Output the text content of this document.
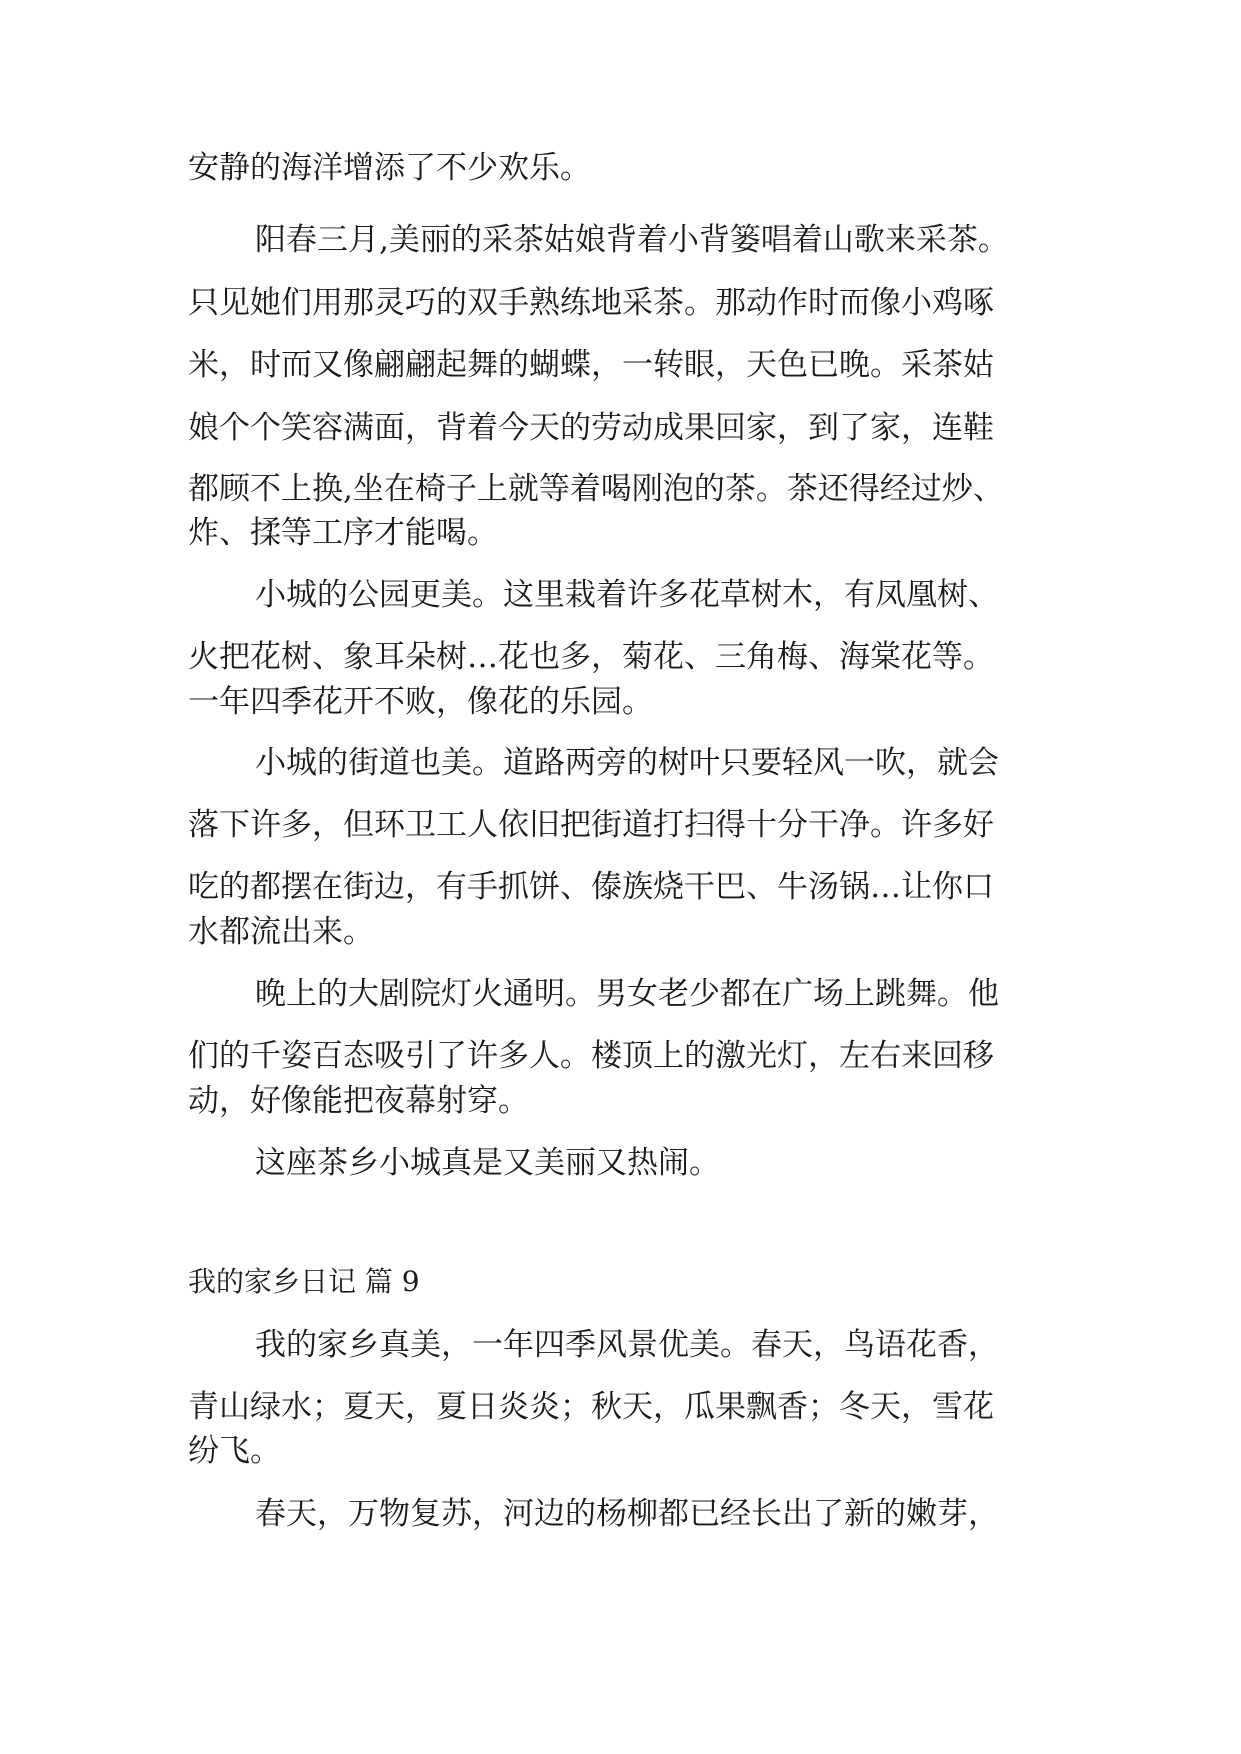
安静的海洋增添了不少欢乐。
阳春三月,美丽的采茶姑娘背着小背篓唱着山歌来采茶。
只见她们用那灵巧的双手熟练地采茶。那动作时而像小鸡啄
米，时而又像翩翩起舞的蝴蝶，一转眼，天色已晚。采茶姑
娘个个笑容满面，背着今天的劳动成果回家，到了家，连鞋
都顾不上换,坐在椅子上就等着喝刚泡的茶。茶还得经过炒、
炸、揉等工序才能喝。
小城的公园更美。这里栽着许多花草树木，有凤凰树、
火把花树、象耳朵树…花也多，菊花、三角梅、海棠花等。
一年四季花开不败，像花的乐园。
小城的街道也美。道路两旁的树叶只要轻风一吹，就会
落下许多，但环卫工人依旧把街道打扫得十分干净。许多好
吃的都摆在街边，有手抓饼、傣族烧干巴、牛汤锅…让你口
水都流出来。
晚上的大剧院灯火通明。男女老少都在广场上跳舞。他
们的千姿百态吸引了许多人。楼顶上的激光灯，左右来回移
动，好像能把夜幕射穿。
这座茶乡小城真是又美丽又热闹。
我的家乡日记 篇 9
我的家乡真美，一年四季风景优美。春天，鸟语花香，
青山绿水；夏天，夏日炎炎；秋天，瓜果飘香；冬天，雪花
纷飞。
春天，万物复苏，河边的杨柳都已经长出了新的嫩芽，
